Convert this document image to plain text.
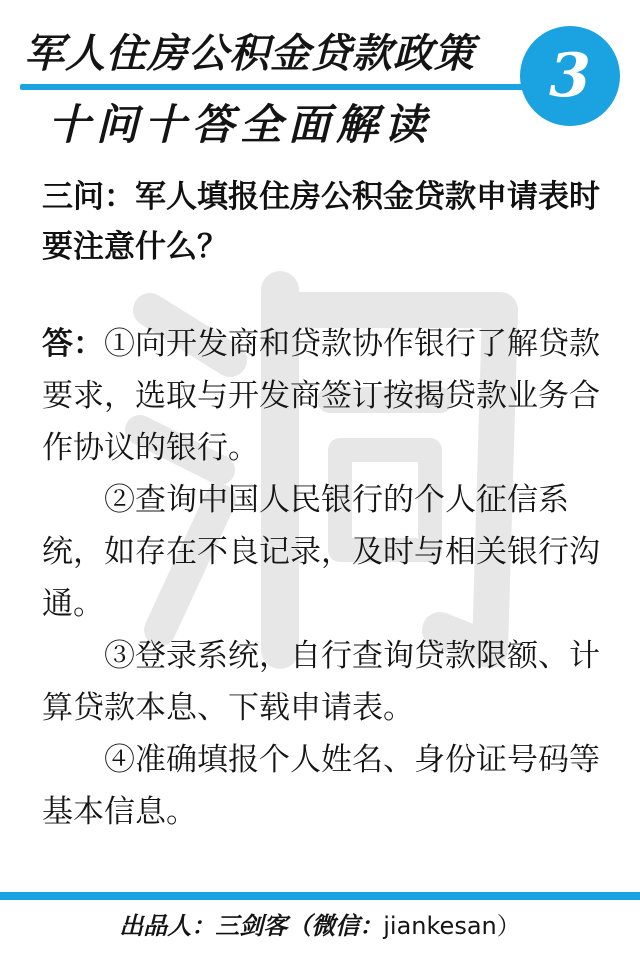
军人住房公积金贷款政策
十问十答全面解读
3

三问：军人填报住房公积金贷款申请表时要注意什么？

答：①向开发商和贷款协作银行了解贷款要求，选取与开发商签订按揭贷款业务合作协议的银行。

②查询中国人民银行的个人征信系统，如存在不良记录，及时与相关银行沟通。

③登录系统，自行查询贷款限额、计算贷款本息、下载申请表。

④准确填报个人姓名、身份证号码等基本信息。

出品人：三剑客（微信：jiankesan）
